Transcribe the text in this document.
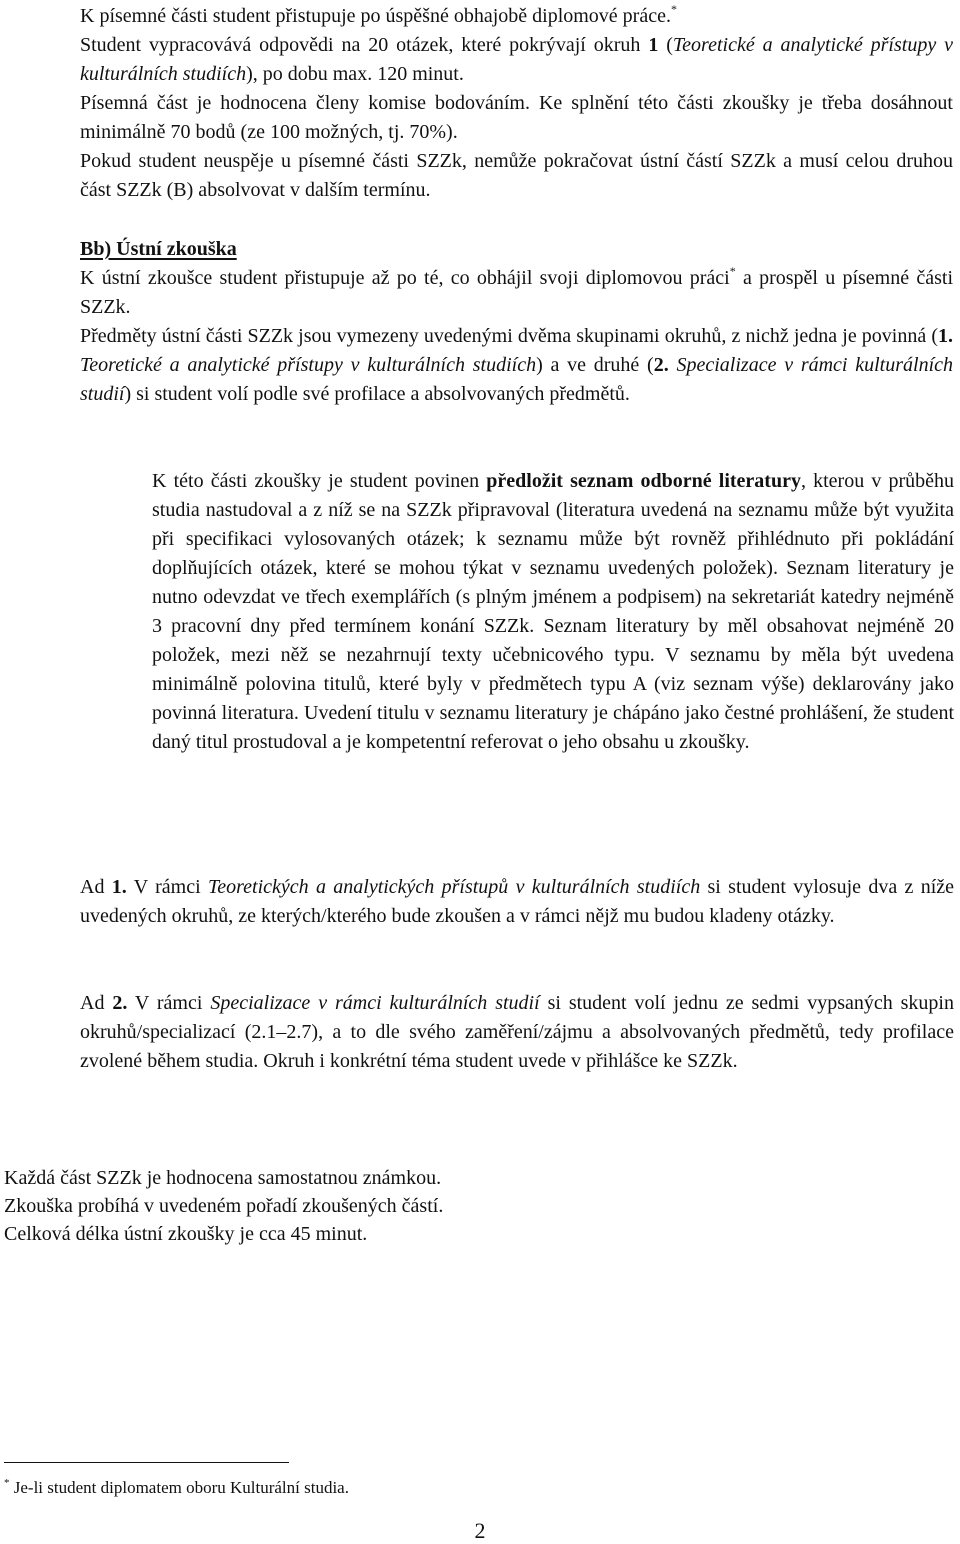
K písemné části student přistupuje po úspěšné obhajobě diplomové práce.*

Student vypracovává odpovědi na 20 otázek, které pokrývají okruh 1 (Teoretické a analytické přístupy v kulturálních studiích), po dobu max. 120 minut.

Písemná část je hodnocena členy komise bodováním. Ke splnění této části zkoušky je třeba dosáhnout minimálně 70 bodů (ze 100 možných, tj. 70%).

Pokud student neuspěje u písemné části SZZk, nemůže pokračovat ústní částí SZZk a musí celou druhou část SZZk (B) absolvovat v dalším termínu.

Bb) Ústní zkouška

K ústní zkoušce student přistupuje až po té, co obhájil svoji diplomovou práci* a prospěl u písemné části SZZk.

Předměty ústní části SZZk jsou vymezeny uvedenými dvěma skupinami okruhů, z nichž jedna je povinná (1. Teoretické a analytické přístupy v kulturálních studiích) a ve druhé (2. Specializace v rámci kulturálních studií) si student volí podle své profilace a absolvovaných předmětů.

K této části zkoušky je student povinen předložit seznam odborné literatury, kterou v průběhu studia nastudoval a z níž se na SZZk připravoval (literatura uvedená na seznamu může být využita při specifikaci vylosovaných otázek; k seznamu může být rovněž přihlédnuto při pokládání doplňujících otázek, které se mohou týkat v seznamu uvedených položek). Seznam literatury je nutno odevzdat ve třech exemplářích (s plným jménem a podpisem) na sekretariát katedry nejméně 3 pracovní dny před termínem konání SZZk. Seznam literatury by měl obsahovat nejméně 20 položek, mezi něž se nezahrnují texty učebnicového typu. V seznamu by měla být uvedena minimálně polovina titulů, které byly v předmětech typu A (viz seznam výše) deklarovány jako povinná literatura. Uvedení titulu v seznamu literatury je chápáno jako čestné prohlášení, že student daný titul prostudoval a je kompetentní referovat o jeho obsahu u zkoušky.

Ad 1. V rámci Teoretických a analytických přístupů v kulturálních studiích si student vylosuje dva z níže uvedených okruhů, ze kterých/kterého bude zkoušen a v rámci nějž mu budou kladeny otázky.

Ad 2. V rámci Specializace v rámci kulturálních studií si student volí jednu ze sedmi vypsaných skupin okruhů/specializací (2.1–2.7), a to dle svého zaměření/zájmu a absolvovaných předmětů, tedy profilace zvolené během studia. Okruh i konkrétní téma student uvede v přihlášce ke SZZk.

Každá část SZZk je hodnocena samostatnou známkou.

Zkouška probíhá v uvedeném pořadí zkoušených částí.

Celková délka ústní zkoušky je cca 45 minut.

* Je-li student diplomatem oboru Kulturální studia.

2
